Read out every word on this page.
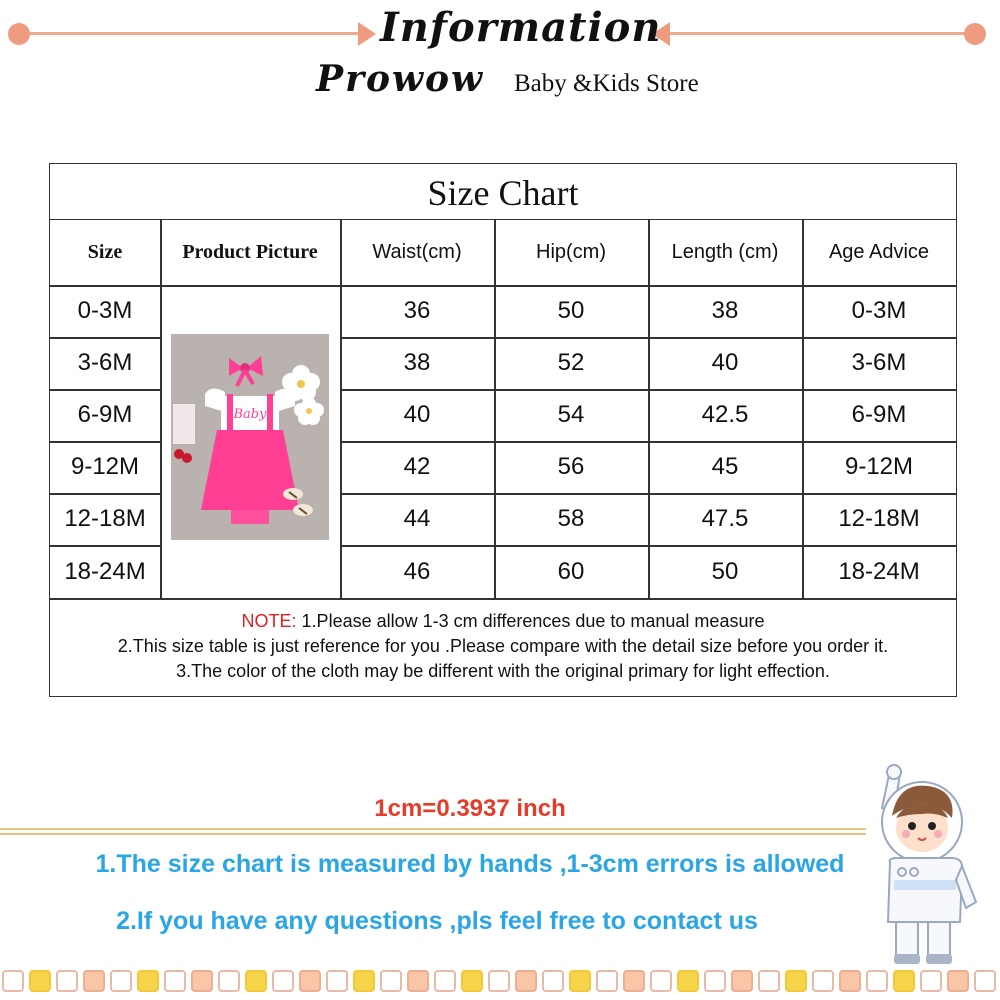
Information
Prowow Baby &Kids Store
Size Chart
Size	Product Picture	Waist(cm)	Hip(cm)	Length (cm)	Age Advice
0-3M	36	50	38	0-3M
3-6M	38	52	40	3-6M
6-9M	40	54	42.5	6-9M
9-12M	42	56	45	9-12M
12-18M	44	58	47.5	12-18M
18-24M	46	60	50	18-24M
Baby
NOTE: 1.Please allow 1-3 cm differences due to manual measure
2.This size table is just reference for you .Please compare with the detail size before you order it.
3.The color of the cloth may be different with the original primary for light effection.
1cm=0.3937 inch
1.The size chart is measured by hands ,1-3cm errors is allowed
2.If you have any questions ,pls feel free to contact us
